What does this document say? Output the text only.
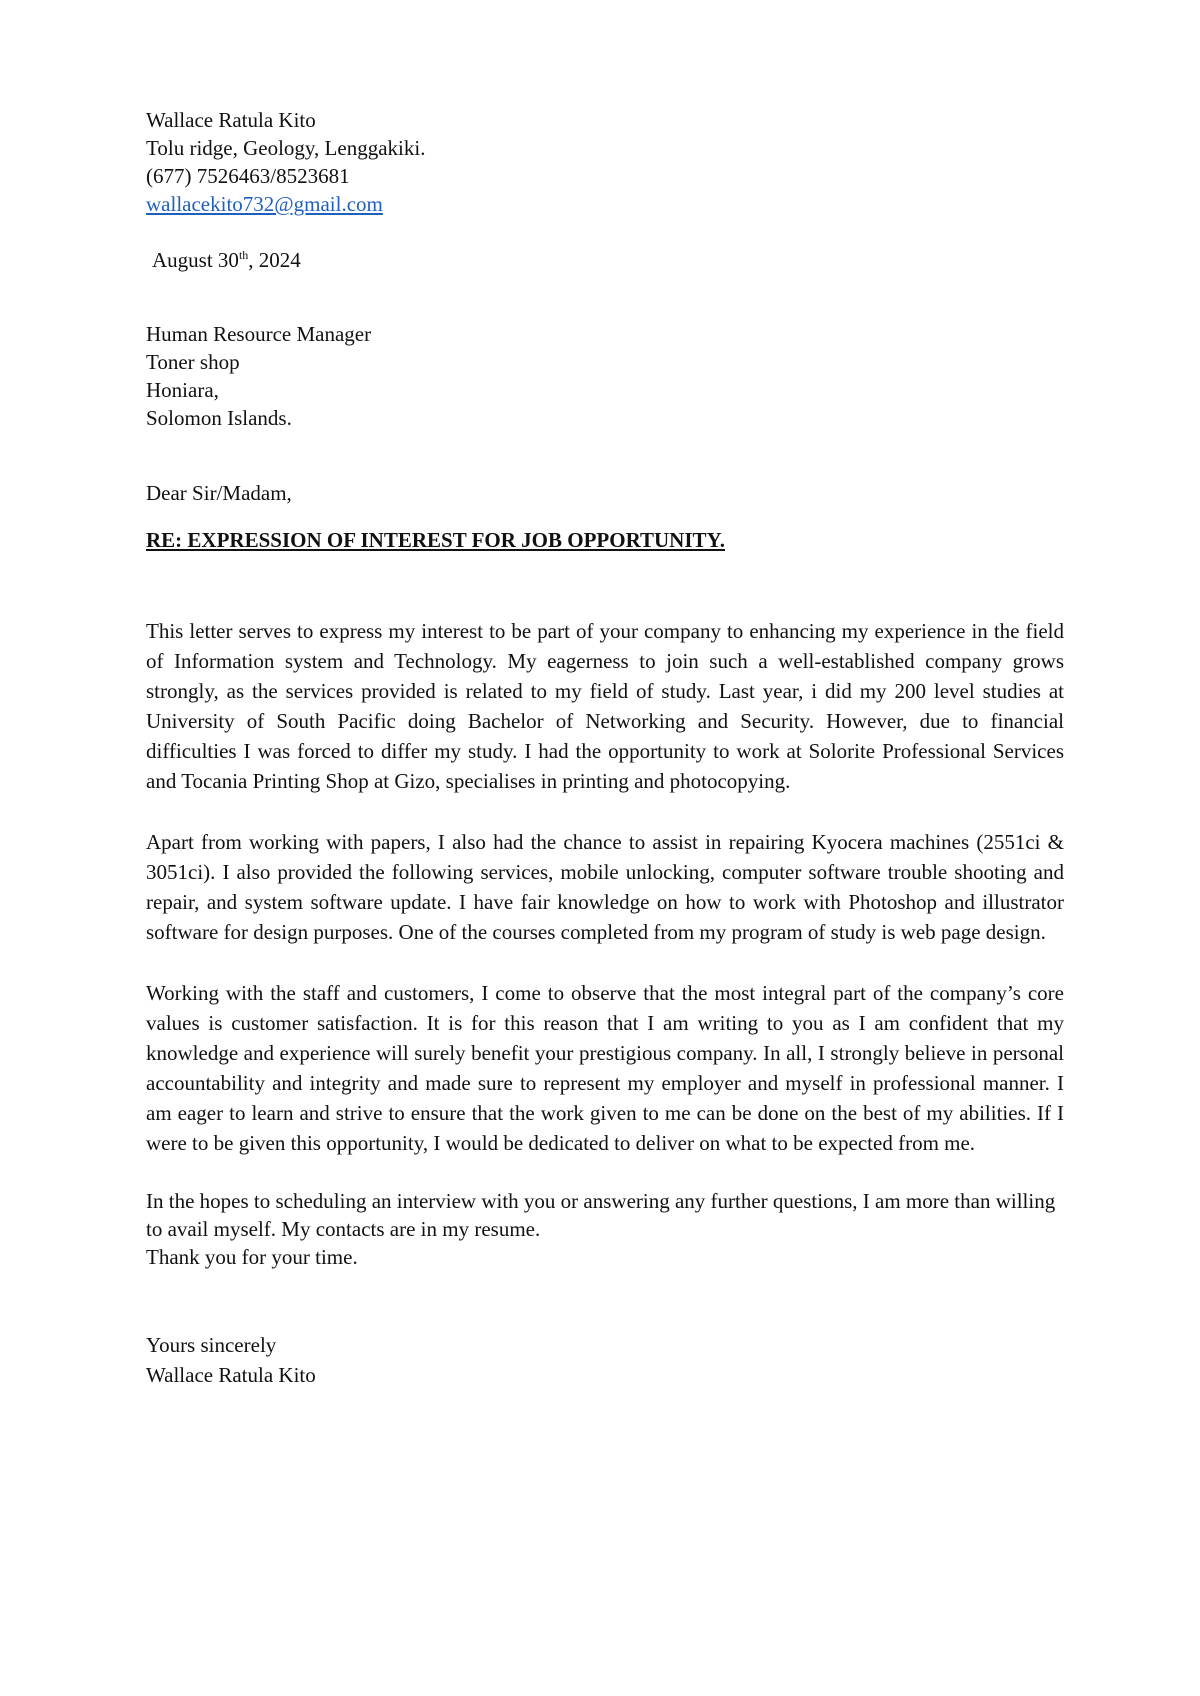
Wallace Ratula Kito
Tolu ridge, Geology, Lenggakiki.
(677) 7526463/8523681
wallacekito732@gmail.com
August 30th, 2024
Human Resource Manager
Toner shop
Honiara,
Solomon Islands.
Dear Sir/Madam,
RE: EXPRESSION OF INTEREST FOR JOB OPPORTUNITY.

This letter serves to express my interest to be part of your company to enhancing my experience in the field of Information system and Technology. My eagerness to join such a well-established company grows strongly, as the services provided is related to my field of study. Last year, i did my 200 level studies at University of South Pacific doing Bachelor of Networking and Security. However, due to financial difficulties I was forced to differ my study. I had the opportunity to work at Solorite Professional Services and Tocania Printing Shop at Gizo, specialises in printing and photocopying.

Apart from working with papers, I also had the chance to assist in repairing Kyocera machines (2551ci & 3051ci). I also provided the following services, mobile unlocking, computer software trouble shooting and repair, and system software update. I have fair knowledge on how to work with Photoshop and illustrator software for design purposes. One of the courses completed from my program of study is web page design.

Working with the staff and customers, I come to observe that the most integral part of the company’s core values is customer satisfaction. It is for this reason that I am writing to you as I am confident that my knowledge and experience will surely benefit your prestigious company. In all, I strongly believe in personal accountability and integrity and made sure to represent my employer and myself in professional manner. I am eager to learn and strive to ensure that the work given to me can be done on the best of my abilities. If I were to be given this opportunity, I would be dedicated to deliver on what to be expected from me.

In the hopes to scheduling an interview with you or answering any further questions, I am more than willing to avail myself. My contacts are in my resume.

Thank you for your time.
Yours sincerely
Wallace Ratula Kito
